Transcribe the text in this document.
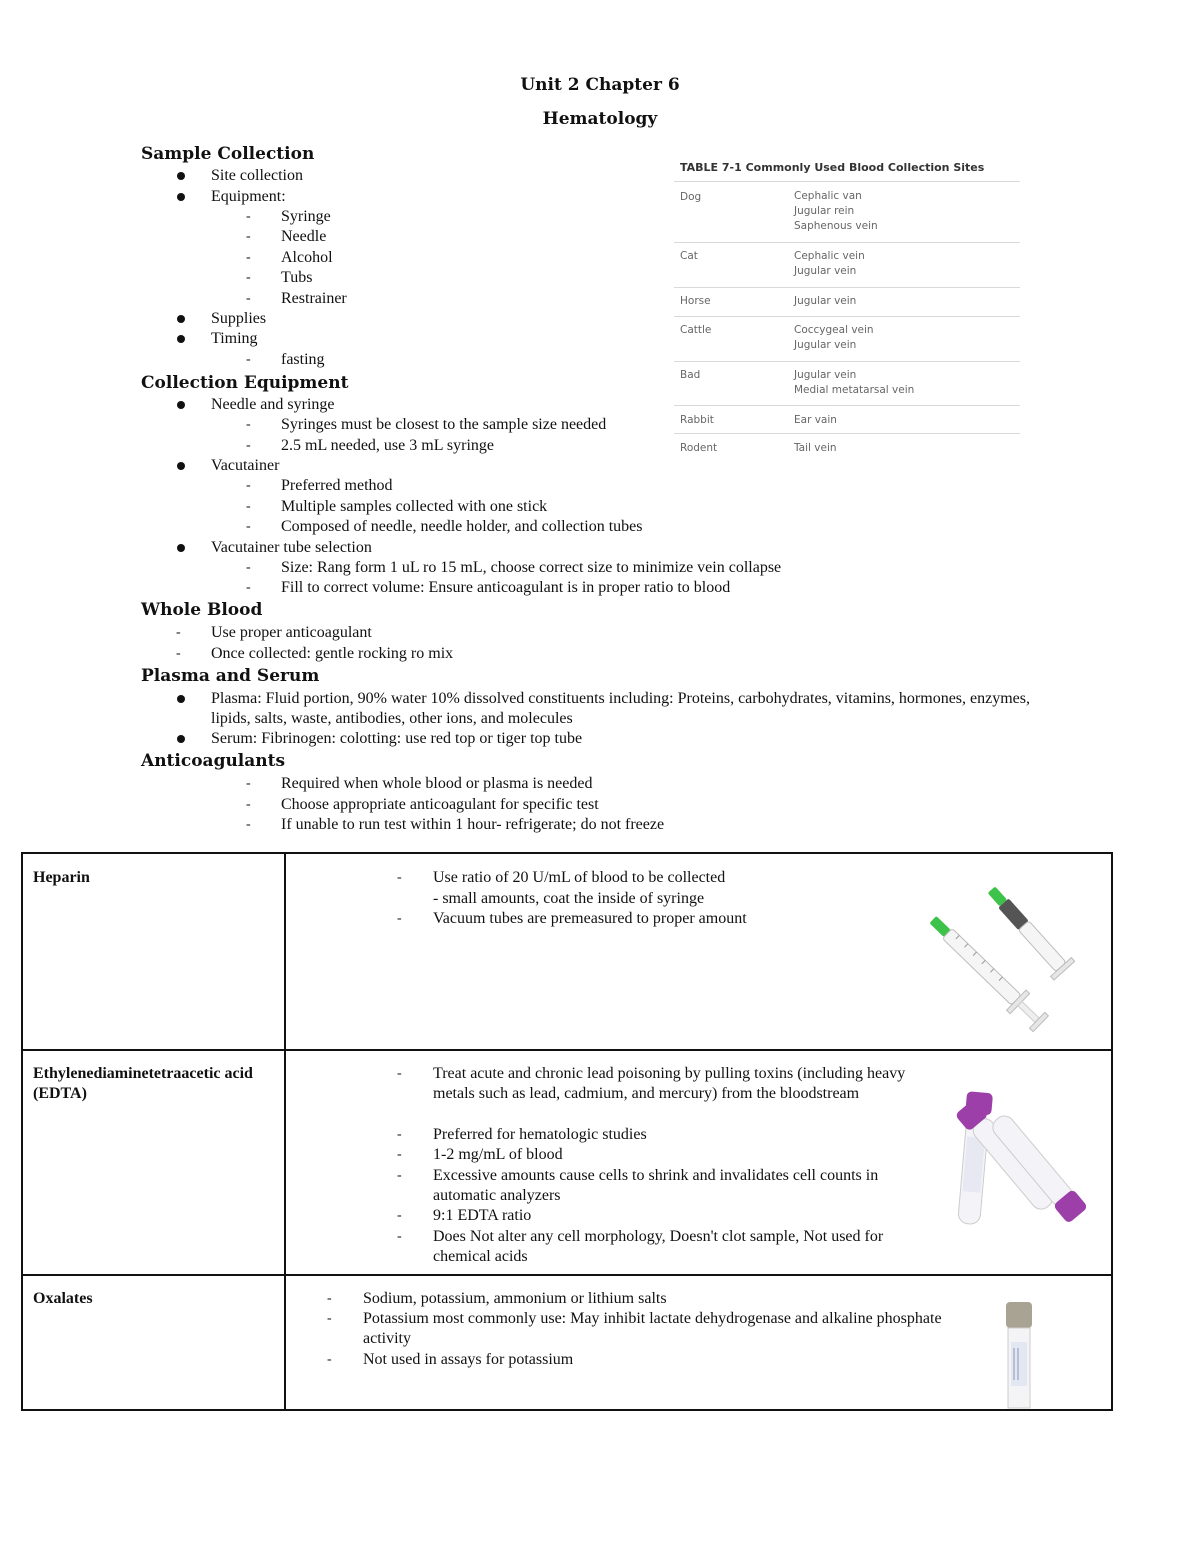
Unit 2 Chapter 6
Hematology
Sample Collection
Site collection
Equipment:
- Syringe
- Needle
- Alcohol
- Tubs
- Restrainer
Supplies
Timing
- fasting
TABLE 7-1 Commonly Used Blood Collection Sites
Dog	Cephalic van
Jugular rein
Saphenous vein
Cat	Cephalic vein
Jugular vein
Horse	Jugular vein
Cattle	Coccygeal vein
Jugular vein
Bad	Jugular vein
Medial metatarsal vein
Rabbit	Ear vain
Rodent	Tail vein
Collection Equipment
Needle and syringe
- Syringes must be closest to the sample size needed
- 2.5 mL needed, use 3 mL syringe
Vacutainer
- Preferred method
- Multiple samples collected with one stick
- Composed of needle, needle holder, and collection tubes
Vacutainer tube selection
- Size: Rang form 1 uL ro 15 mL, choose correct size to minimize vein collapse
- Fill to correct volume: Ensure anticoagulant is in proper ratio to blood
Whole Blood
- Use proper anticoagulant
- Once collected: gentle rocking ro mix
Plasma and Serum
Plasma: Fluid portion, 90% water 10% dissolved constituents including: Proteins, carbohydrates, vitamins, hormones, enzymes, lipids, salts, waste, antibodies, other ions, and molecules
Serum: Fibrinogen: colotting: use red top or tiger top tube
Anticoagulants
- Required when whole blood or plasma is needed
- Choose appropriate anticoagulant for specific test
- If unable to run test within 1 hour- refrigerate; do not freeze
Heparin	- Use ratio of 20 U/mL of blood to be collected
- small amounts, coat the inside of syringe
- Vacuum tubes are premeasured to proper amount
Ethylenediaminetetraacetic acid (EDTA)
- Treat acute and chronic lead poisoning by pulling toxins (including heavy metals such as lead, cadmium, and mercury) from the bloodstream
- Preferred for hematologic studies
- 1-2 mg/mL of blood
- Excessive amounts cause cells to shrink and invalidates cell counts in automatic analyzers
- 9:1 EDTA ratio
- Does Not alter any cell morphology, Doesn't clot sample, Not used for chemical acids
Oxalates	- Sodium, potassium, ammonium or lithium salts
- Potassium most commonly use: May inhibit lactate dehydrogenase and alkaline phosphate activity
- Not used in assays for potassium
